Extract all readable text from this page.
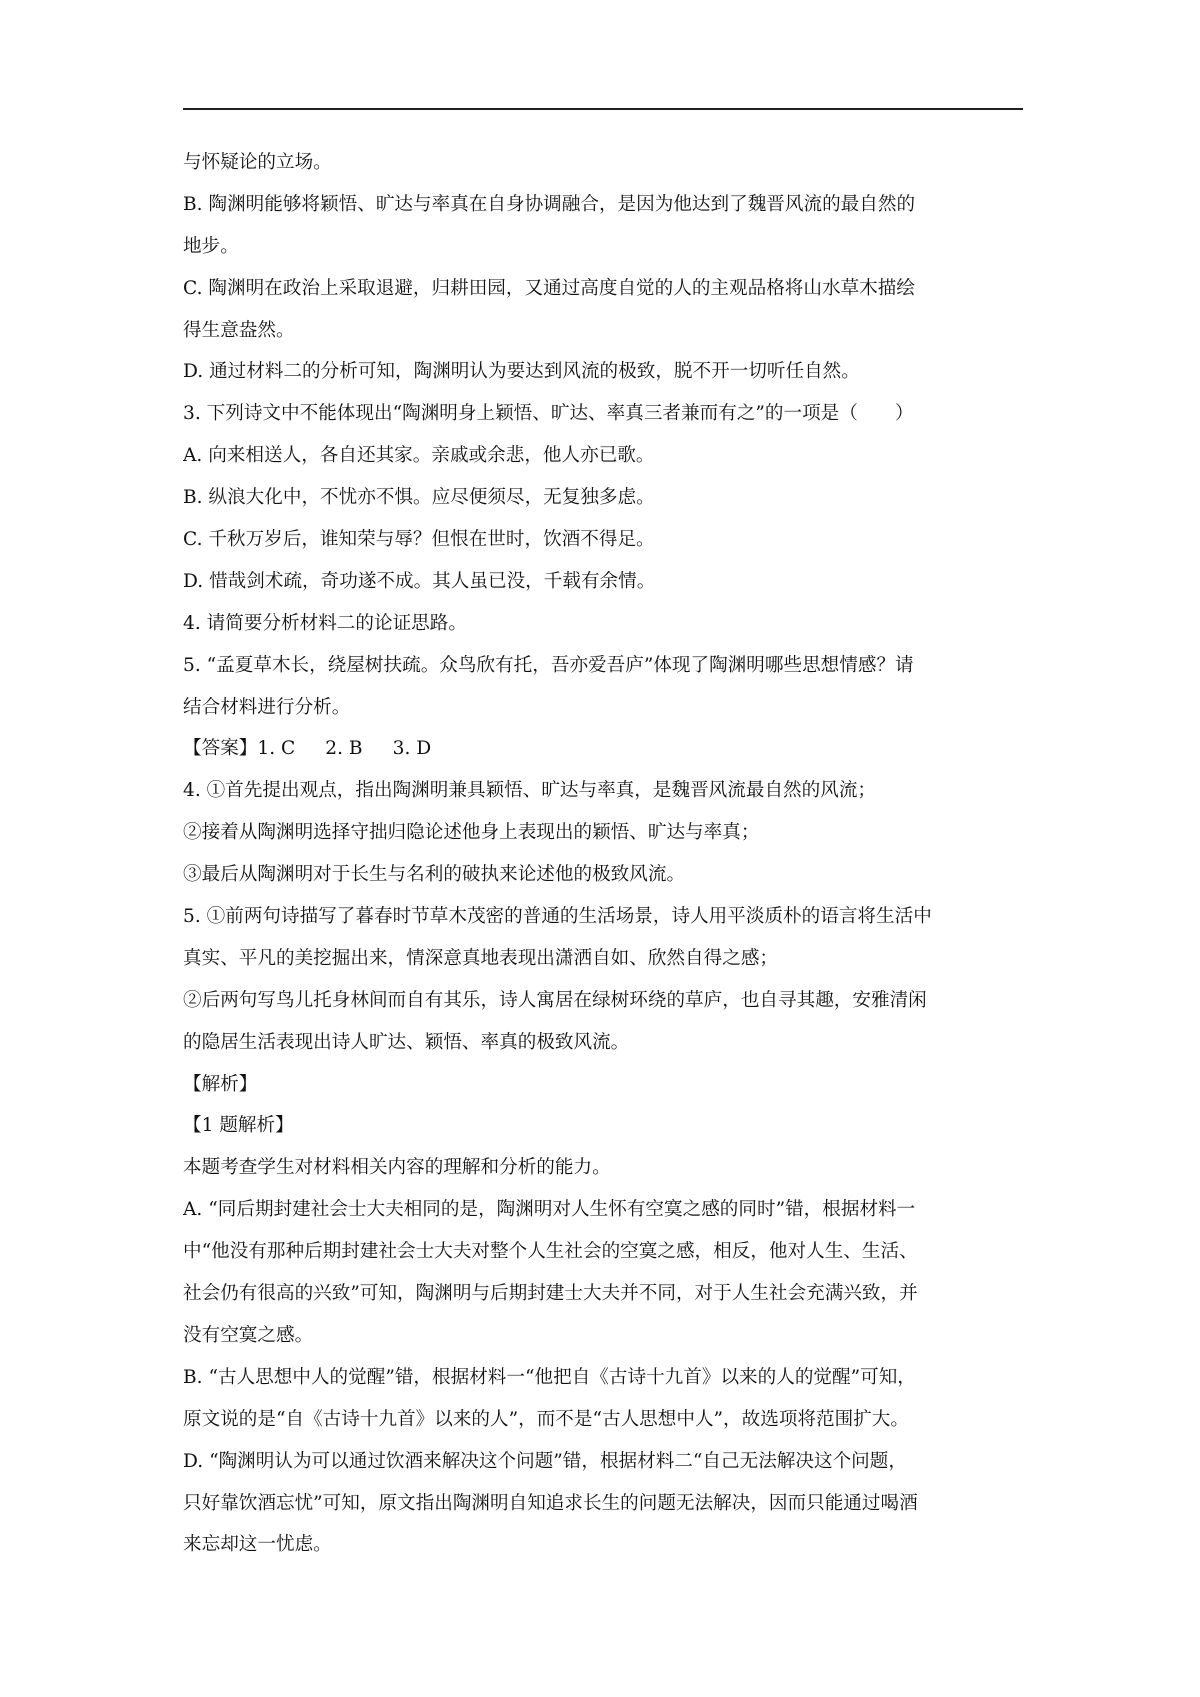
与怀疑论的立场。
B. 陶渊明能够将颖悟、旷达与率真在自身协调融合，是因为他达到了魏晋风流的最自然的
地步。
C. 陶渊明在政治上采取退避，归耕田园，又通过高度自觉的人的主观品格将山水草木描绘
得生意盎然。
D. 通过材料二的分析可知，陶渊明认为要达到风流的极致，脱不开一切听任自然。
3. 下列诗文中不能体现出“陶渊明身上颖悟、旷达、率真三者兼而有之”的一项是（　　）
A. 向来相送人，各自还其家。亲戚或余悲，他人亦已歌。
B. 纵浪大化中，不忧亦不惧。应尽便须尽，无复独多虑。
C. 千秋万岁后，谁知荣与辱？但恨在世时，饮酒不得足。
D. 惜哉剑术疏，奇功遂不成。其人虽已没，千载有余情。
4. 请简要分析材料二的论证思路。
5. “孟夏草木长，绕屋树扶疏。众鸟欣有托，吾亦爱吾庐”体现了陶渊明哪些思想情感？请
结合材料进行分析。
【答案】1. C 2. B 3. D
4. ①首先提出观点，指出陶渊明兼具颖悟、旷达与率真，是魏晋风流最自然的风流；
②接着从陶渊明选择守拙归隐论述他身上表现出的颖悟、旷达与率真；
③最后从陶渊明对于长生与名利的破执来论述他的极致风流。
5. ①前两句诗描写了暮春时节草木茂密的普通的生活场景，诗人用平淡质朴的语言将生活中
真实、平凡的美挖掘出来，情深意真地表现出潇洒自如、欣然自得之感；
②后两句写鸟儿托身林间而自有其乐，诗人寓居在绿树环绕的草庐，也自寻其趣，安雅清闲
的隐居生活表现出诗人旷达、颖悟、率真的极致风流。
【解析】
【1 题解析】
本题考查学生对材料相关内容的理解和分析的能力。
A. “同后期封建社会士大夫相同的是，陶渊明对人生怀有空寞之感的同时”错，根据材料一
中“他没有那种后期封建社会士大夫对整个人生社会的空寞之感，相反，他对人生、生活、
社会仍有很高的兴致”可知，陶渊明与后期封建士大夫并不同，对于人生社会充满兴致，并
没有空寞之感。
B. “古人思想中人的觉醒”错，根据材料一“他把自《古诗十九首》以来的人的觉醒”可知，
原文说的是“自《古诗十九首》以来的人”，而不是“古人思想中人”，故选项将范围扩大。
D. “陶渊明认为可以通过饮酒来解决这个问题”错，根据材料二“自己无法解决这个问题，
只好靠饮酒忘忧”可知，原文指出陶渊明自知追求长生的问题无法解决，因而只能通过喝酒
来忘却这一忧虑。
